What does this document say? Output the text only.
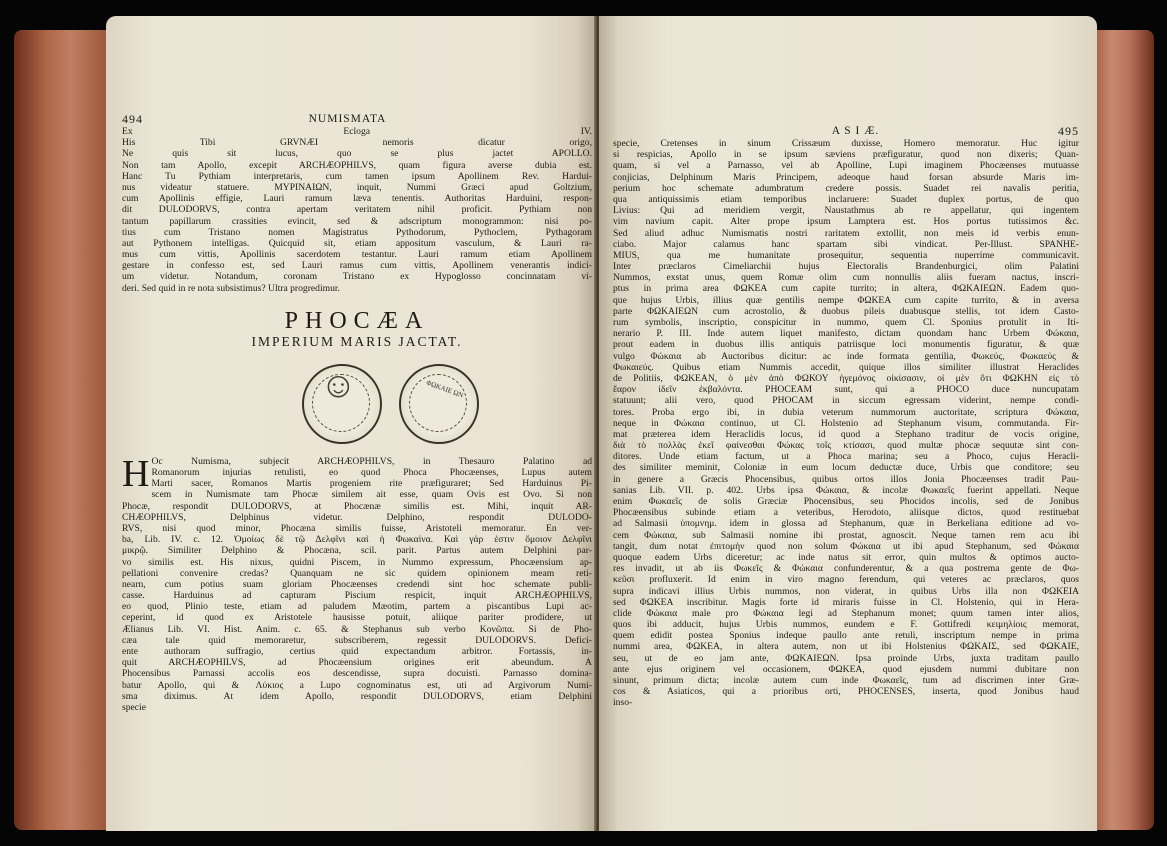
A S I Æ.	495
specie, Cretenses in sinum Crissæum duxisse, Homero memoratur. Huc igitur
si respicias, Apollo in se ipsum sæviens præfiguratur, quod non dixeris; Quan-
quam, si vel a Parnasso, vel ab Apolline, Lupi imaginem Phocæenses mutuasse
conjicias, Delphinum Maris Principem, adeoque haud forsan absurde Maris im-
perium hoc schemate adumbratum credere possis. Suadet rei navalis peritia,
qua antiquissimis etiam temporibus inclaruere: Suadet duplex portus, de quo
Livius: Qui ad meridiem vergit, Naustathmus ab re appellatur, qui ingentem
vim navium capit. Alter prope ipsum Lamptera est. Hos portus tutissimos &c.
Sed aliud adhuc Numismatis nostri raritatem extollit, non meis id verbis enun-
ciabo. Major calamus hanc spartam sibi vindicat. Per-Illust. SPANHE-
MIUS, qua me humanitate prosequitur, sequentia nuperrime communicavit.
Inter præclaros Cimeliarchii hujus Electoralis Brandenburgici, olim Palatini
Nummos, exstat unus, quem Romæ olim cum nonnullis aliis fueram nactus, inscri-
ptus in prima area ΦΩΚΕΑ cum capite turrito; in altera, ΦΩΚΑΙΕΩΝ. Eadem quo-
que hujus Urbis, illius quæ gentilis nempe ΦΩΚΕΑ cum capite turrito, & in aversa
parte ΦΩΚΑΙΕΩΝ cum acrostolio, & duobus pileis duabusque stellis, tot idem Casto-
rum symbolis, inscriptio, conspicitur in nummo, quem Cl. Sponius protulit in Iti-
nerario P. III. Inde autem liquet manifesto, dictam quondam hanc Urbem Φώκαια,
prout eadem in duobus illis antiquis patriisque loci monumentis figuratur, & quæ
vulgo Φώκαια ab Auctoribus dicitur: ac inde formata gentilia, Φωκεύς, Φωκαεύς &
Φωκαιεύς. Quibus etiam Nummis accedit, quique illos similiter illustrat Heraclides
de Politiis, ΦΩΚΕΑΝ, ὁ μὲν ἀπὸ ΦΩΚΟΥ ἡγεμόνος οἰκίσασιν, οἱ μὲν ὅτι ΦΩΚΗΝ εἰς τὸ
ἔαρον ἰδεῖν ἐκβαλόντα. PHOCEAM sunt, qui a PHOCO duce nuncupatam
statuunt; alii vero, quod PHOCAM in siccum egressam viderint, nempe condi-
tores. Proba ergo ibi, in dubia veterum nummorum auctoritate, scriptura Φώκαια,
neque in Φώκαια continuo, ut Cl. Holstenio ad Stephanum visum, commutanda. Fir-
mat præterea idem Heraclidis locus, id quod a Stephano traditur de vocis origine,
διὰ τὸ πολλὰς ἐκεῖ φαίνεσθαι Φώκας τοῖς κτίσασι, quod multæ phocæ sequutæ sint con-
ditores. Unde etiam factum, ut a Phoca marina; seu a Phoco, cujus Heracli-
des similiter meminit, Coloniæ in eum locum deductæ duce, Urbis que conditore; seu
in genere a Græcis Phocensibus, quibus ortos illos Jonia Phocæenses tradit Pau-
sanias Lib. VII. p. 402. Urbs ipsa Φώκαια, & incolæ Φωκαεῖς fuerint appellati. Neque
enim Φωκαεῖς de solis Græciæ Phocensibus, seu Phocidos incolis, sed de Jonibus
Phocæensibus subinde etiam a veteribus, Herodoto, aliisque dictos, quod restituebat
ad Salmasii ὑπομνημ. idem in glossa ad Stephanum, quæ in Berkeliana editione ad vo-
cem Φώκαια, sub Salmasii nomine ibi prostat, agnoscit. Neque tamen rem acu ibi
tangit, dum notat ἐπιτομὴν quod non solum Φώκαια ut ibi apud Stephanum, sed Φώκαια
quoque eadem Urbs diceretur; ac inde natus sit error, quin multos & optimos aucto-
res invadit, ut ab iis Φωκεῖς & Φώκαια confunderentur, & a qua postrema gente de Φω-
κεῦσι profluxerit. Id enim in viro magno ferendum, qui veteres ac præclaros, quos
supra indicavi illius Urbis nummos, non viderat, in quibus Urbs illa non ΦΩΚΕΙΑ
sed ΦΩΚΕΑ inscribitur. Magis forte id miraris fuisse in Cl. Holstenio, qui in Hera-
clide Φώκαια male pro Φώκαια legi ad Stephanum monet; quum tamen inter alios,
quos ibi adducit, hujus Urbis nummos, eundem e F. Gottifredi κειμηλίοις memorat,
quem edidit postea Sponius indeque paullo ante retuli, inscriptum nempe in prima
nummi area, ΦΩΚΕΑ, in altera autem, non ut ibi Holstenius ΦΩΚΑΙΣ, sed ΦΩΚΑΙΕ,
seu, ut de eo jam ante, ΦΩΚΑΙΕΩΝ. Ipsa proinde Urbs, juxta traditam paullo
ante ejus originem vel occasionem, ΦΩΚΕΑ, quod ejusdem nummi dubitare non
sinunt, primum dicta; incolæ autem cum inde Φωκαεῖς, tum ad discrimen inter Græ-
cos & Asiaticos, qui a prioribus orti, PHOCENSES, inserta, quod Jonibus haud
inso-
494	NUMISMATA
Ex Ecloga IV.
His Tibi GRVNÆI nemoris dicatur origo,
Ne quis sit lucus, quo se plus jactet APOLLO.
Non tam Apollo, excepit ARCHÆOPHILVS, quam figura averse dubia est.
Hanc Tu Pythiam interpretaris, cum tamen ipsum Apollinem Rev. Hardui-
nus videatur statuere. MYPINAIΩN, inquit, Nummi Græci apud Goltzium,
cum Apollinis effigie, Lauri ramum læva tenentis. Authoritas Harduini, respon-
dit DULODORVS, contra apertam veritatem nihil proficit. Pythiam non
tantum papillarum crassities evincit, sed & adscriptum monogrammon: nisi po-
tius cum Tristano nomen Magistratus Pythodorum, Pythoclem, Pythagoram
aut Pythonem intelligas. Quicquid sit, etiam appositum vasculum, & Lauri ra-
mus cum vittis, Apollinis sacerdotem testantur. Lauri ramum etiam Apollinem
gestare in confesso est, sed Lauri ramus cum vittis, Apollinem venerantis indici-
um videtur. Notandum, coronam Tristano ex Hypoglosso concinnatam vi-
deri. Sed quid in re nota subsistimus? Ultra progredimur.
PHOCÆA
IMPERIUM MARIS JACTAT.
☺	ΦΩΚΑΙΕ ΩΝ
H Oc Numisma, subjecit ARCHÆOPHILVS, in Thesauro Palatino ad
Romanorum injurias retulisti, eo quod Phoca Phocæenses, Lupus autem
Marti sacer, Romanos Martis progeniem rite præfiguraret; Sed Harduinus Pi-
scem in Numismate tam Phocæ similem ait esse, quam Ovis est Ovo. Si non
Phocæ, respondit DULODORVS, at Phocænæ similis est. Mihi, inquit AR-
CHÆOPHILVS, Delphinus videtur. Delphino, respondit DULODO-
RVS, nisi quod minor, Phocæna similis fuisse, Aristoteli memoratur. En ver-
ba, Lib. IV. c. 12. Ὁμοίως δὲ τῷ Δελφῖνι καὶ ἡ Φωκαίνα. Καὶ γάρ ἐστιν ὅμοιον Δελφῖνι
μικρῷ. Similiter Delphino & Phocæna, scil. parit. Partus autem Delphini par-
vo similis est. His nixus, quidni Piscem, in Nummo expressum, Phocæensium ap-
pellationi convenire credas? Quanquam ne sic quidem opinionem meam reti-
nearn, cum potius suam gloriam Phocæenses credendi sint hoc schemate publi-
casse. Harduinus ad capturam Piscium respicit, inquit ARCHÆOPHILVS,
eo quod, Plinio teste, etiam ad paludem Mæotim, partem a piscantibus Lupi ac-
ceperint, id quod ex Aristotele hausisse potuit, aliique pariter prodidere, ut
Ælianus Lib. VI. Hist. Anim. c. 65. & Stephanus sub verbo Κονῶπα. Si de Pho-
cæa tale quid memoraretur, subscriberem, regessit DULODORVS. Defici-
ente authoram suffragio, certius quid expectandum arbitror. Fortassis, in-
quit ARCHÆOPHILVS, ad Phocæensium origines erit abeundum. A
Phocensibus Parnassi accolis eos descendisse, supra docuisti. Parnasso domina-
batur Apollo, qui & Λύκιος a Lupo cognominatus est, uti ad Argivorum Numi-
sma diximus. At idem Apollo, respondit DULODORVS, etiam Delphini
specie
